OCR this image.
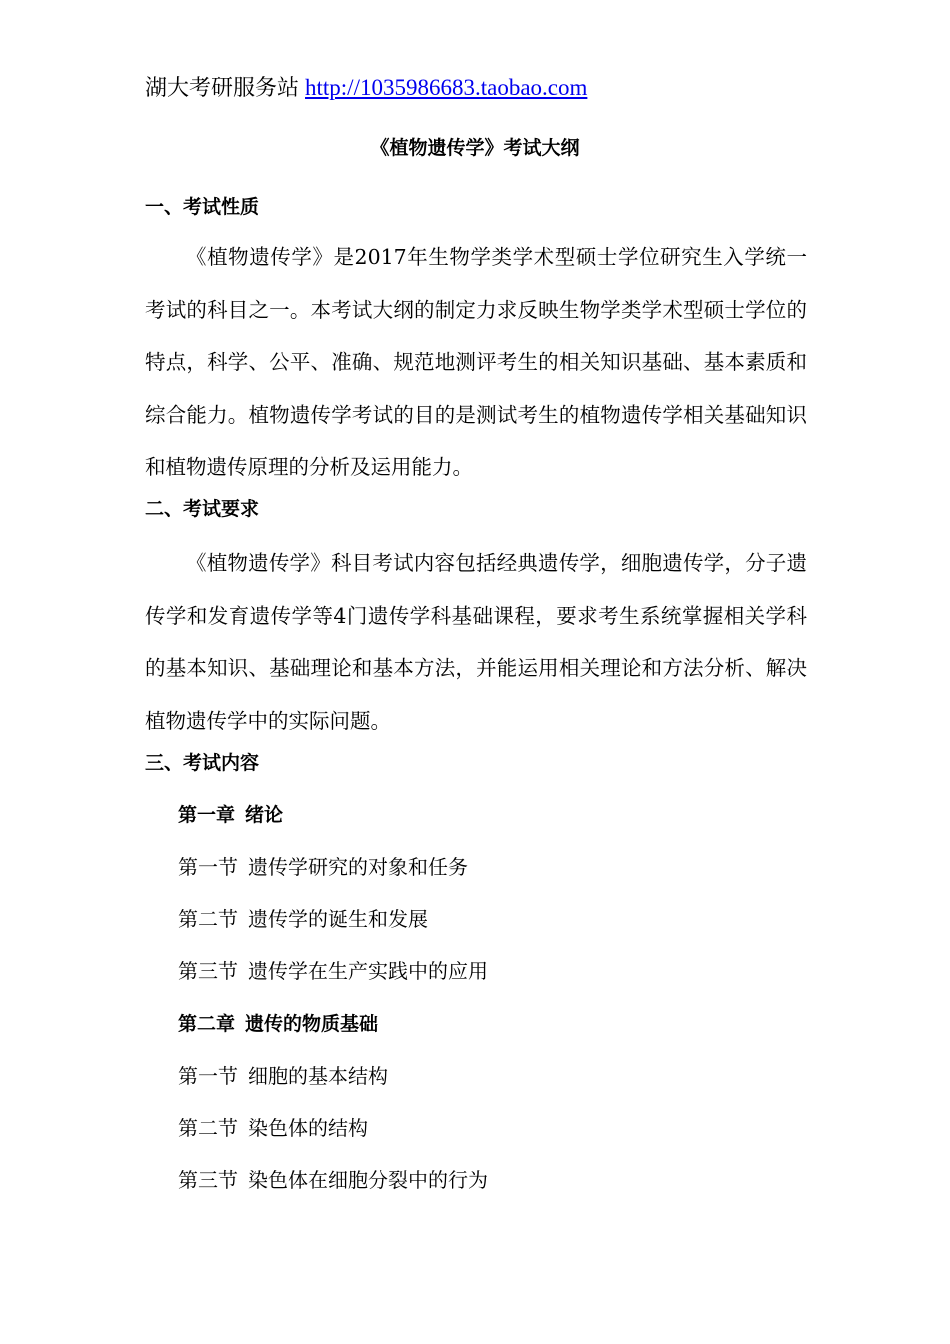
湖大考研服务站 http://1035986683.taobao.com
《植物遗传学》考试大纲
一、考试性质

《植物遗传学》是2017年生物学类学术型硕士学位研究生入学统一考试的科目之一。本考试大纲的制定力求反映生物学类学术型硕士学位的特点，科学、公平、准确、规范地测评考生的相关知识基础、基本素质和综合能力。植物遗传学考试的目的是测试考生的植物遗传学相关基础知识和植物遗传原理的分析及运用能力。

二、考试要求

《植物遗传学》科目考试内容包括经典遗传学，细胞遗传学，分子遗传学和发育遗传学等4门遗传学科基础课程，要求考生系统掌握相关学科的基本知识、基础理论和基本方法，并能运用相关理论和方法分析、解决植物遗传学中的实际问题。

三、考试内容
第一章 绪论
第一节 遗传学研究的对象和任务
第二节 遗传学的诞生和发展
第三节 遗传学在生产实践中的应用
第二章 遗传的物质基础
第一节 细胞的基本结构
第二节 染色体的结构
第三节 染色体在细胞分裂中的行为
